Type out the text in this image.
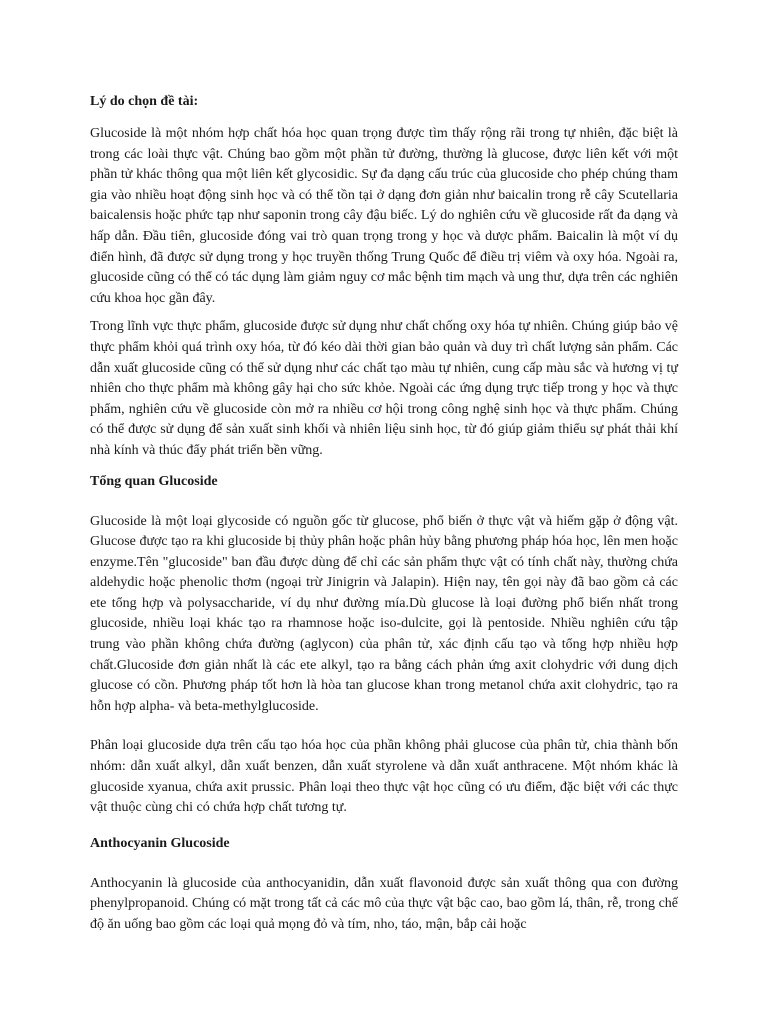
Lý do chọn đề tài:

Glucoside là một nhóm hợp chất hóa học quan trọng được tìm thấy rộng rãi trong tự nhiên, đặc biệt là trong các loài thực vật. Chúng bao gồm một phần tử đường, thường là glucose, được liên kết với một phần tử khác thông qua một liên kết glycosidic. Sự đa dạng cấu trúc của glucoside cho phép chúng tham gia vào nhiều hoạt động sinh học và có thể tồn tại ở dạng đơn giản như baicalin trong rễ cây Scutellaria baicalensis hoặc phức tạp như saponin trong cây đậu biếc. Lý do nghiên cứu về glucoside rất đa dạng và hấp dẫn. Đầu tiên, glucoside đóng vai trò quan trọng trong y học và dược phẩm. Baicalin là một ví dụ điển hình, đã được sử dụng trong y học truyền thống Trung Quốc để điều trị viêm và oxy hóa. Ngoài ra, glucoside cũng có thể có tác dụng làm giảm nguy cơ mắc bệnh tim mạch và ung thư, dựa trên các nghiên cứu khoa học gần đây.

Trong lĩnh vực thực phẩm, glucoside được sử dụng như chất chống oxy hóa tự nhiên. Chúng giúp bảo vệ thực phẩm khỏi quá trình oxy hóa, từ đó kéo dài thời gian bảo quản và duy trì chất lượng sản phẩm. Các dẫn xuất glucoside cũng có thể sử dụng như các chất tạo màu tự nhiên, cung cấp màu sắc và hương vị tự nhiên cho thực phẩm mà không gây hại cho sức khỏe. Ngoài các ứng dụng trực tiếp trong y học và thực phẩm, nghiên cứu về glucoside còn mở ra nhiều cơ hội trong công nghệ sinh học và thực phẩm. Chúng có thể được sử dụng để sản xuất sinh khối và nhiên liệu sinh học, từ đó giúp giảm thiểu sự phát thải khí nhà kính và thúc đẩy phát triển bền vững.

Tổng quan Glucoside

Glucoside là một loại glycoside có nguồn gốc từ glucose, phổ biến ở thực vật và hiếm gặp ở động vật. Glucose được tạo ra khi glucoside bị thủy phân hoặc phân hủy bằng phương pháp hóa học, lên men hoặc enzyme.Tên "glucoside" ban đầu được dùng để chỉ các sản phẩm thực vật có tính chất này, thường chứa aldehydic hoặc phenolic thơm (ngoại trừ Jinigrin và Jalapin). Hiện nay, tên gọi này đã bao gồm cả các ete tổng hợp và polysaccharide, ví dụ như đường mía.Dù glucose là loại đường phổ biến nhất trong glucoside, nhiều loại khác tạo ra rhamnose hoặc iso-dulcite, gọi là pentoside. Nhiều nghiên cứu tập trung vào phần không chứa đường (aglycon) của phân tử, xác định cấu tạo và tổng hợp nhiều hợp chất.Glucoside đơn giản nhất là các ete alkyl, tạo ra bằng cách phản ứng axit clohydric với dung dịch glucose có cồn. Phương pháp tốt hơn là hòa tan glucose khan trong metanol chứa axit clohydric, tạo ra hỗn hợp alpha- và beta-methylglucoside.

Phân loại glucoside dựa trên cấu tạo hóa học của phần không phải glucose của phân tử, chia thành bốn nhóm: dẫn xuất alkyl, dẫn xuất benzen, dẫn xuất styrolene và dẫn xuất anthracene. Một nhóm khác là glucoside xyanua, chứa axit prussic. Phân loại theo thực vật học cũng có ưu điểm, đặc biệt với các thực vật thuộc cùng chi có chứa hợp chất tương tự.

Anthocyanin Glucoside

Anthocyanin là glucoside của anthocyanidin, dẫn xuất flavonoid được sản xuất thông qua con đường phenylpropanoid. Chúng có mặt trong tất cả các mô của thực vật bậc cao, bao gồm lá, thân, rễ, trong chế độ ăn uống bao gồm các loại quả mọng đỏ và tím, nho, táo, mận, bắp cải hoặc
